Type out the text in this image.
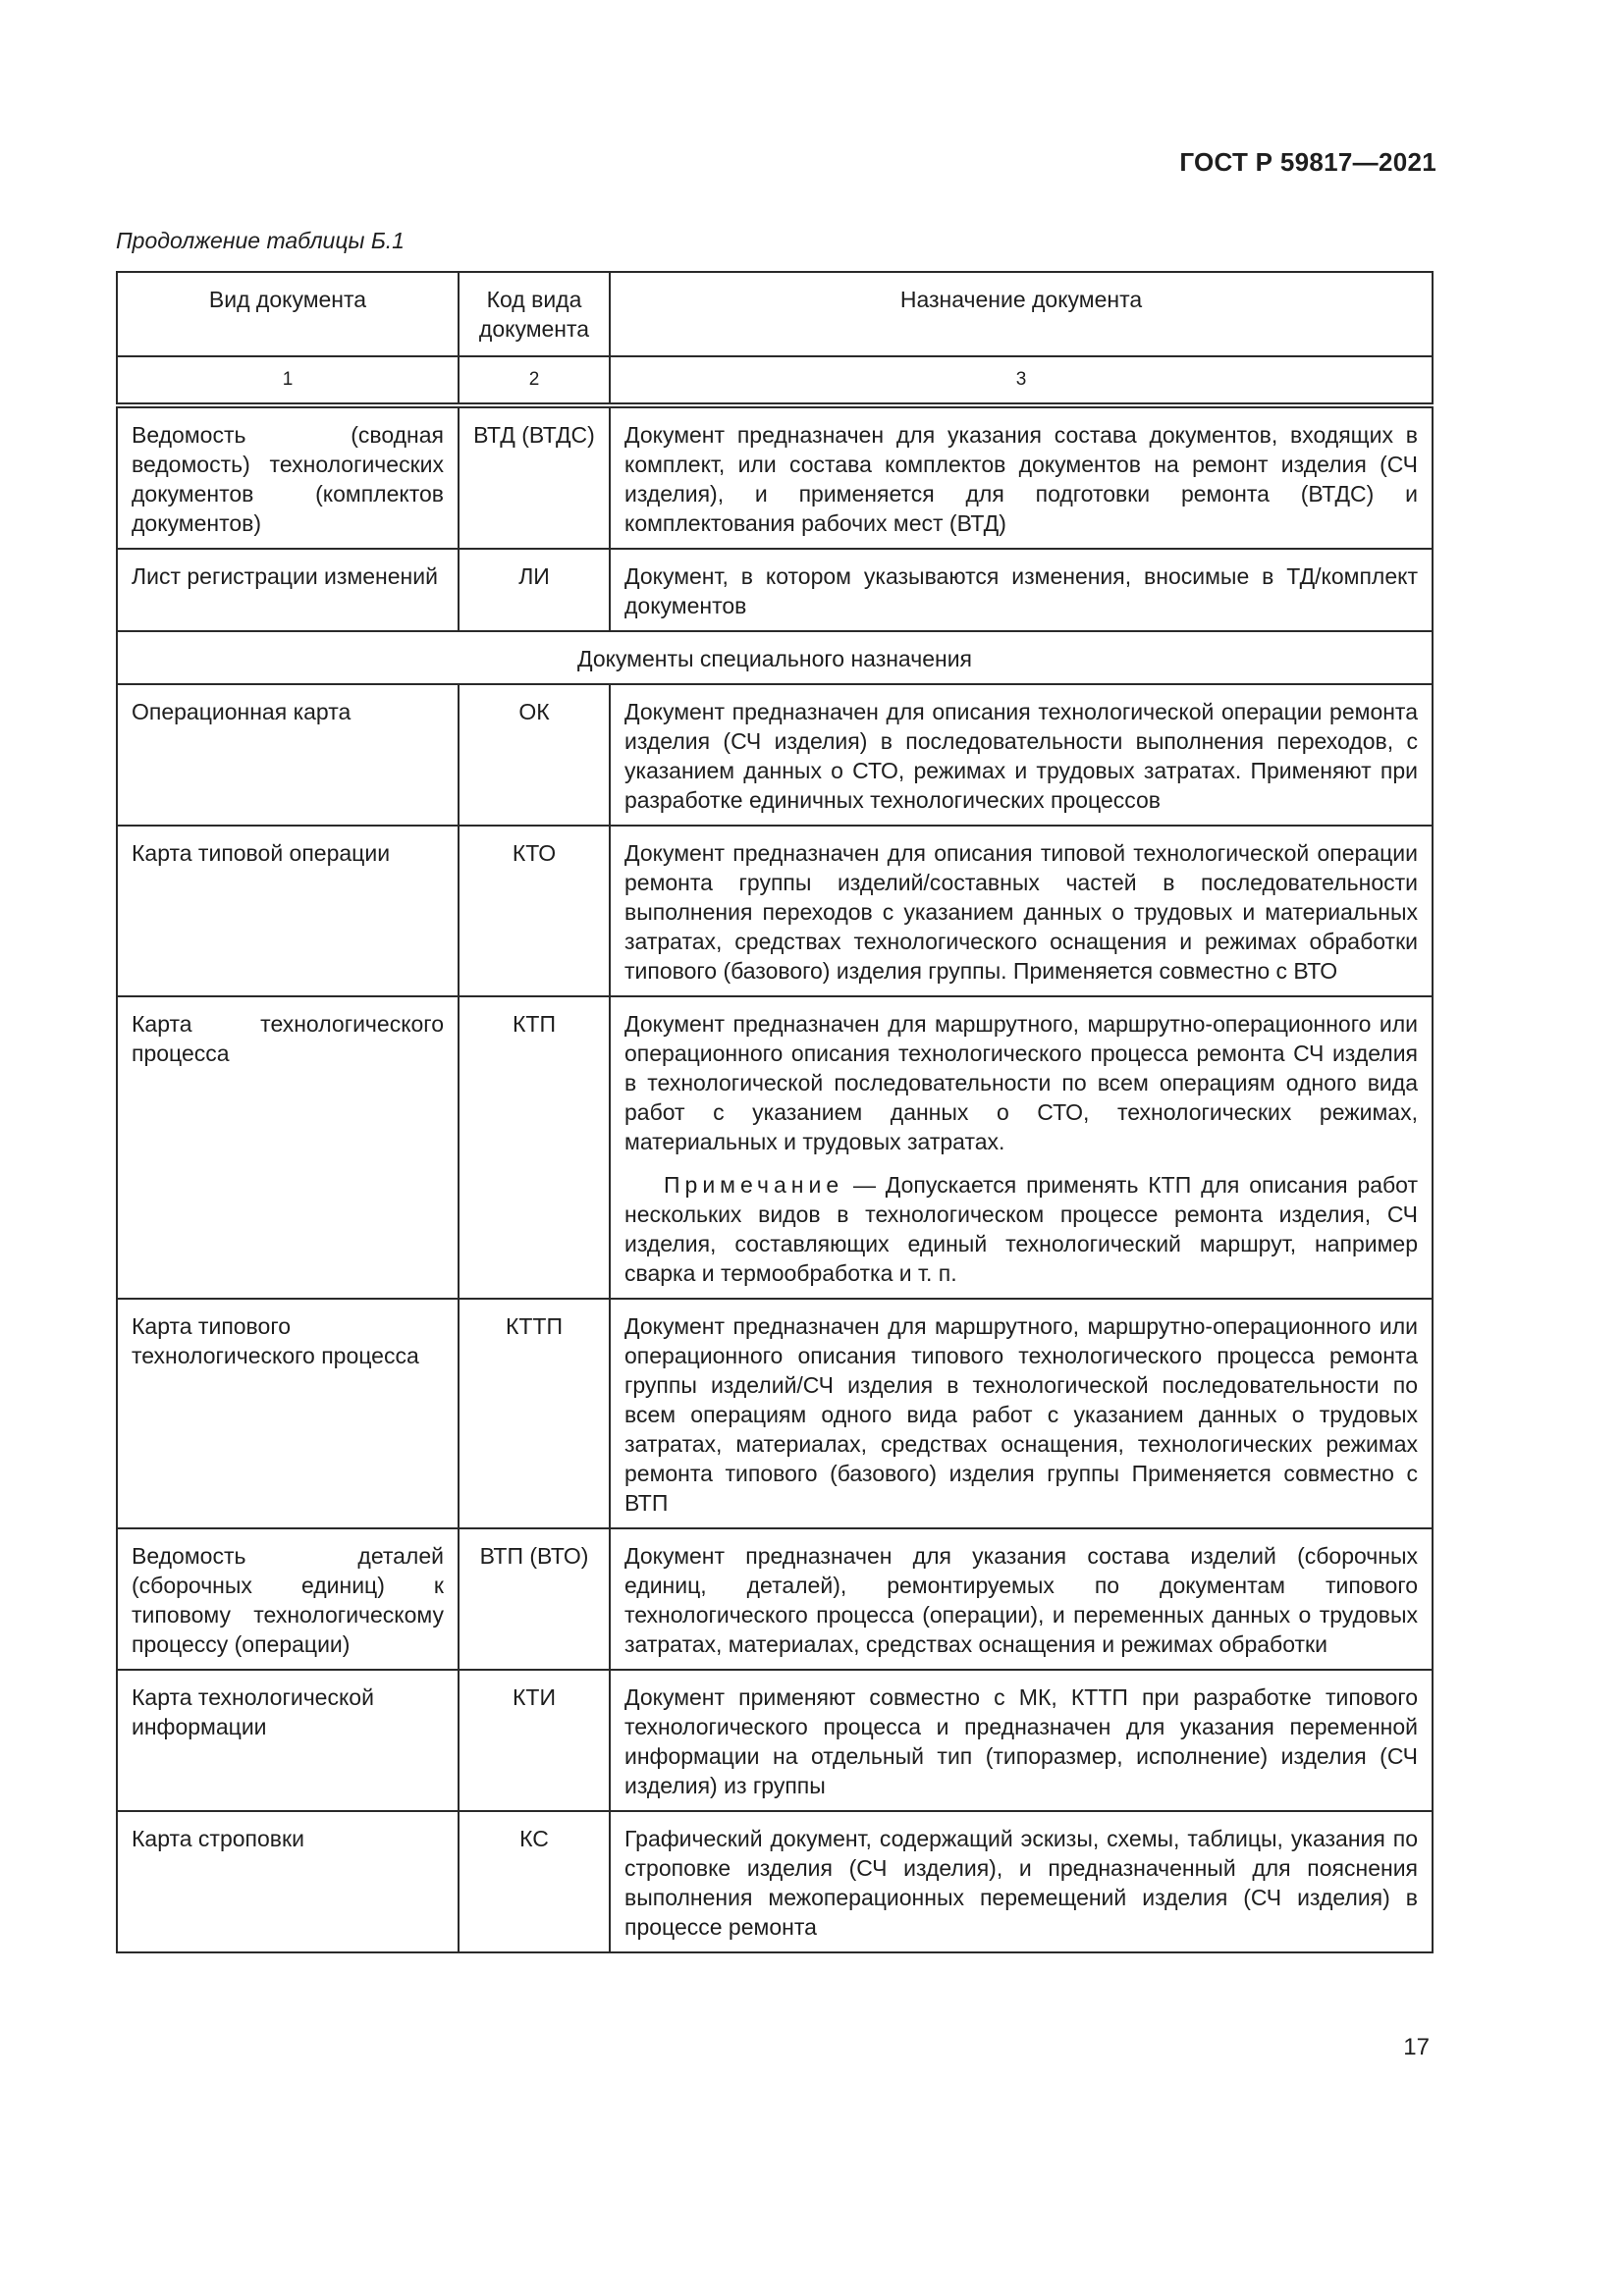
ГОСТ Р 59817—2021
Продолжение таблицы Б.1
Вид документа	Код вида документа	Назначение документа
1	2	3
Ведомость (сводная ведомость) технологических документов (комплектов документов)	ВТД (ВТДС)	Документ предназначен для указания состава документов, входящих в комплект, или состава комплектов документов на ремонт изделия (СЧ изделия), и применяется для подготовки ремонта (ВТДС) и комплектования рабочих мест (ВТД)
Лист регистрации изменений	ЛИ	Документ, в котором указываются изменения, вносимые в ТД/комплект документов
Документы специального назначения		
Операционная карта	ОК	Документ предназначен для описания технологической операции ремонта изделия (СЧ изделия) в последовательности выполнения переходов, с указанием данных о СТО, режимах и трудовых затратах. Применяют при разработке единичных технологических процессов
Карта типовой операции	КТО	Документ предназначен для описания типовой технологической операции ремонта группы изделий/составных частей в последовательности выполнения переходов с указанием данных о трудовых и материальных затратах, средствах технологического оснащения и режимах обработки типового (базового) изделия группы. Применяется совместно с ВТО
Карта технологического процесса	КТП	Документ предназначен для маршрутного, маршрутно-операционного или операционного описания технологического процесса ремонта СЧ изделия в технологической последовательности по всем операциям одного вида работ с указанием данных о СТО, технологических режимах, материальных и трудовых затратах.
Примечание — Допускается применять КТП для описания работ нескольких видов в технологическом процессе ремонта изделия, СЧ изделия, составляющих единый технологический маршрут, например сварка и термообработка и т. п.

Карта типового технологического процесса	КТТП	Документ предназначен для маршрутного, маршрутно-операционного или операционного описания типового технологического процесса ремонта группы изделий/СЧ изделия в технологической последовательности по всем операциям одного вида работ с указанием данных о трудовых затратах, материалах, средствах оснащения, технологических режимах ремонта типового (базового) изделия группы Применяется совместно с ВТП
Ведомость деталей (сборочных единиц) к типовому технологическому процессу (операции)	ВТП (ВТО)	Документ предназначен для указания состава изделий (сборочных единиц, деталей), ремонтируемых по документам типового технологического процесса (операции), и переменных данных о трудовых затратах, материалах, средствах оснащения и режимах обработки
Карта технологической информации	КТИ	Документ применяют совместно с МК, КТТП при разработке типового технологического процесса и предназначен для указания переменной информации на отдельный тип (типоразмер, исполнение) изделия (СЧ изделия) из группы
Карта строповки	КС	Графический документ, содержащий эскизы, схемы, таблицы, указания по строповке изделия (СЧ изделия), и предназначенный для пояснения выполнения межоперационных перемещений изделия (СЧ изделия) в процессе ремонта
17
